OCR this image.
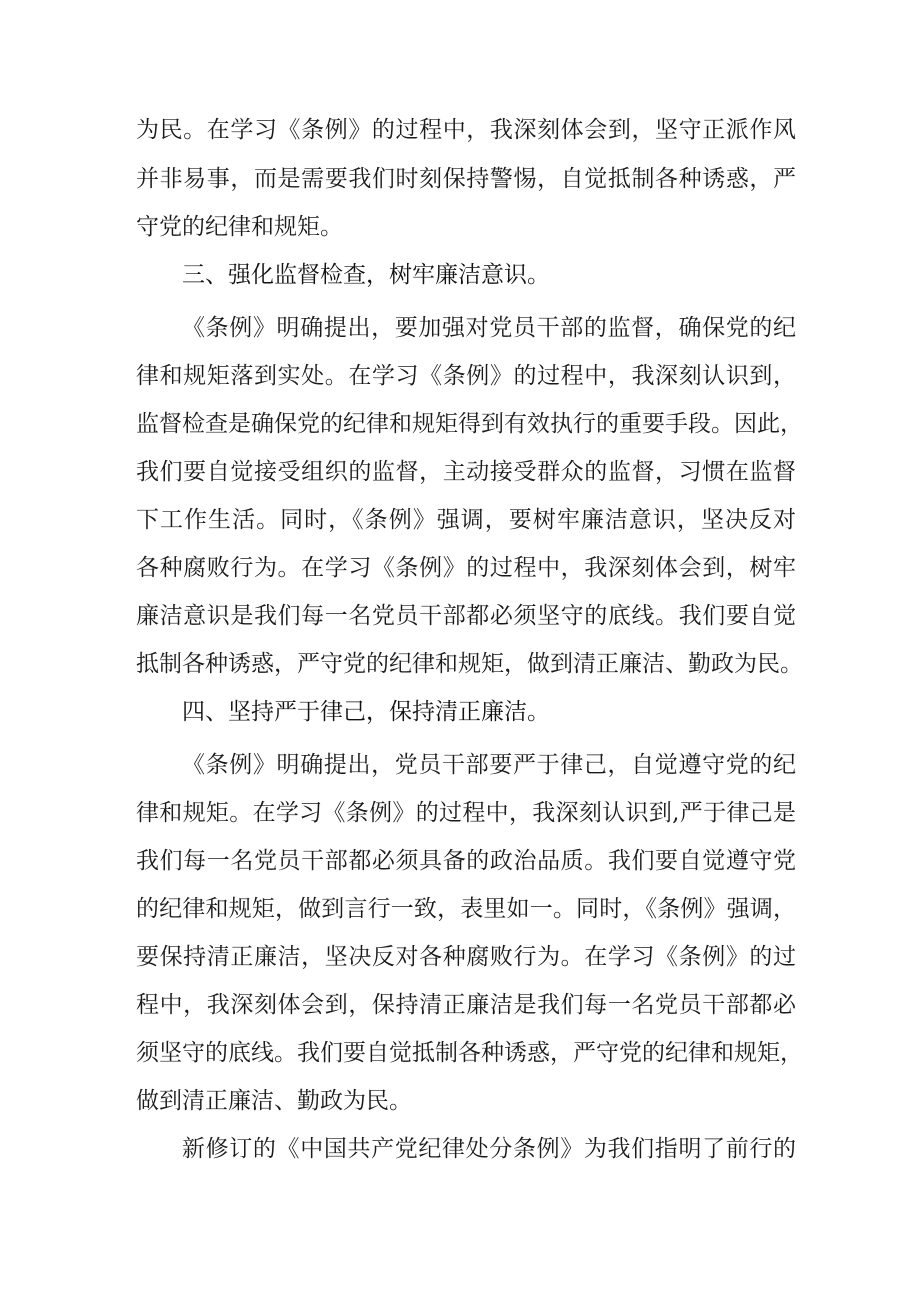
为民。在学习《条例》的过程中，我深刻体会到，坚守正派作风

并非易事，而是需要我们时刻保持警惕，自觉抵制各种诱惑，严

守党的纪律和规矩。

三、强化监督检查，树牢廉洁意识。

《条例》明确提出，要加强对党员干部的监督，确保党的纪

律和规矩落到实处。在学习《条例》的过程中，我深刻认识到，

监督检查是确保党的纪律和规矩得到有效执行的重要手段。因此，

我们要自觉接受组织的监督，主动接受群众的监督，习惯在监督

下工作生活。同时，《条例》强调，要树牢廉洁意识，坚决反对

各种腐败行为。在学习《条例》的过程中，我深刻体会到，树牢

廉洁意识是我们每一名党员干部都必须坚守的底线。我们要自觉

抵制各种诱惑，严守党的纪律和规矩，做到清正廉洁、勤政为民。

四、坚持严于律己，保持清正廉洁。

《条例》明确提出，党员干部要严于律己，自觉遵守党的纪

律和规矩。在学习《条例》的过程中，我深刻认识到,严于律己是

我们每一名党员干部都必须具备的政治品质。我们要自觉遵守党

的纪律和规矩，做到言行一致，表里如一。同时，《条例》强调，

要保持清正廉洁，坚决反对各种腐败行为。在学习《条例》的过

程中，我深刻体会到，保持清正廉洁是我们每一名党员干部都必

须坚守的底线。我们要自觉抵制各种诱惑，严守党的纪律和规矩，

做到清正廉洁、勤政为民。

新修订的《中国共产党纪律处分条例》为我们指明了前行的
